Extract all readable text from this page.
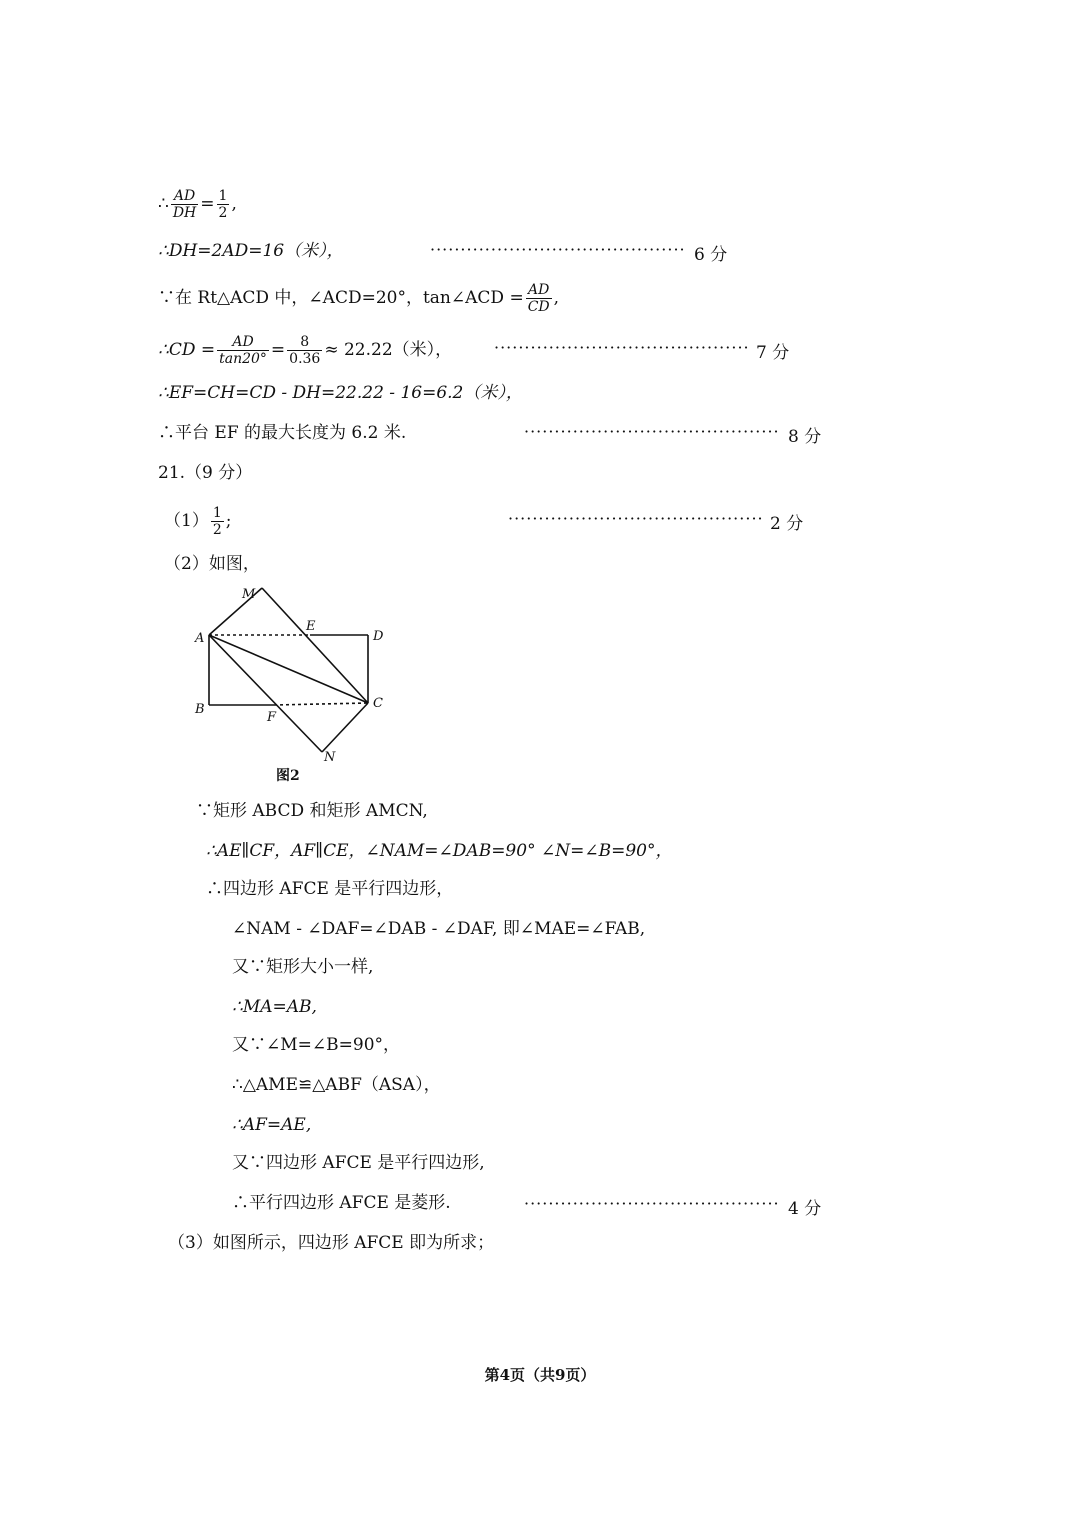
∴ $\frac{AD}{DH} = \frac{1}{2}$ ,
∴DH=2AD=16（米），	·········································· 6 分
∵在 Rt△ACD 中，∠ACD=20°，tan∠ACD = $\frac{AD}{CD}$ ,
∴CD = $\frac{AD}{\tan 20^\circ} = \frac{8}{0.36} \approx 22.22$（米），	·········································· 7 分
∴EF=CH=CD - DH=22.22 - 16=6.2（米），
∴平台 EF 的最大长度为 6.2 米.	·········································· 8 分
21.（9 分）
$(1) \frac{1}{2}$ ;	·········································· 2 分
（2）如图，
M
E
D
A
B
F
C
N
图2
∵矩形 ABCD 和矩形 AMCN,
∴AE∥CF，AF∥CE，∠NAM=∠DAB=90° ∠N=∠B=90°，
∴四边形 AFCE 是平行四边形，
∠NAM - ∠DAF=∠DAB - ∠DAF, 即∠MAE=∠FAB,
又∵矩形大小一样,
∴MA=AB,
又∵∠M=∠B=90°，
∴△AME≌△ABF（ASA），
∴AF=AE,
又∵四边形 AFCE 是平行四边形,
∴平行四边形 AFCE 是菱形.	·········································· 4 分
（3）如图所示，四边形 AFCE 即为所求；
第4页（共9页）
